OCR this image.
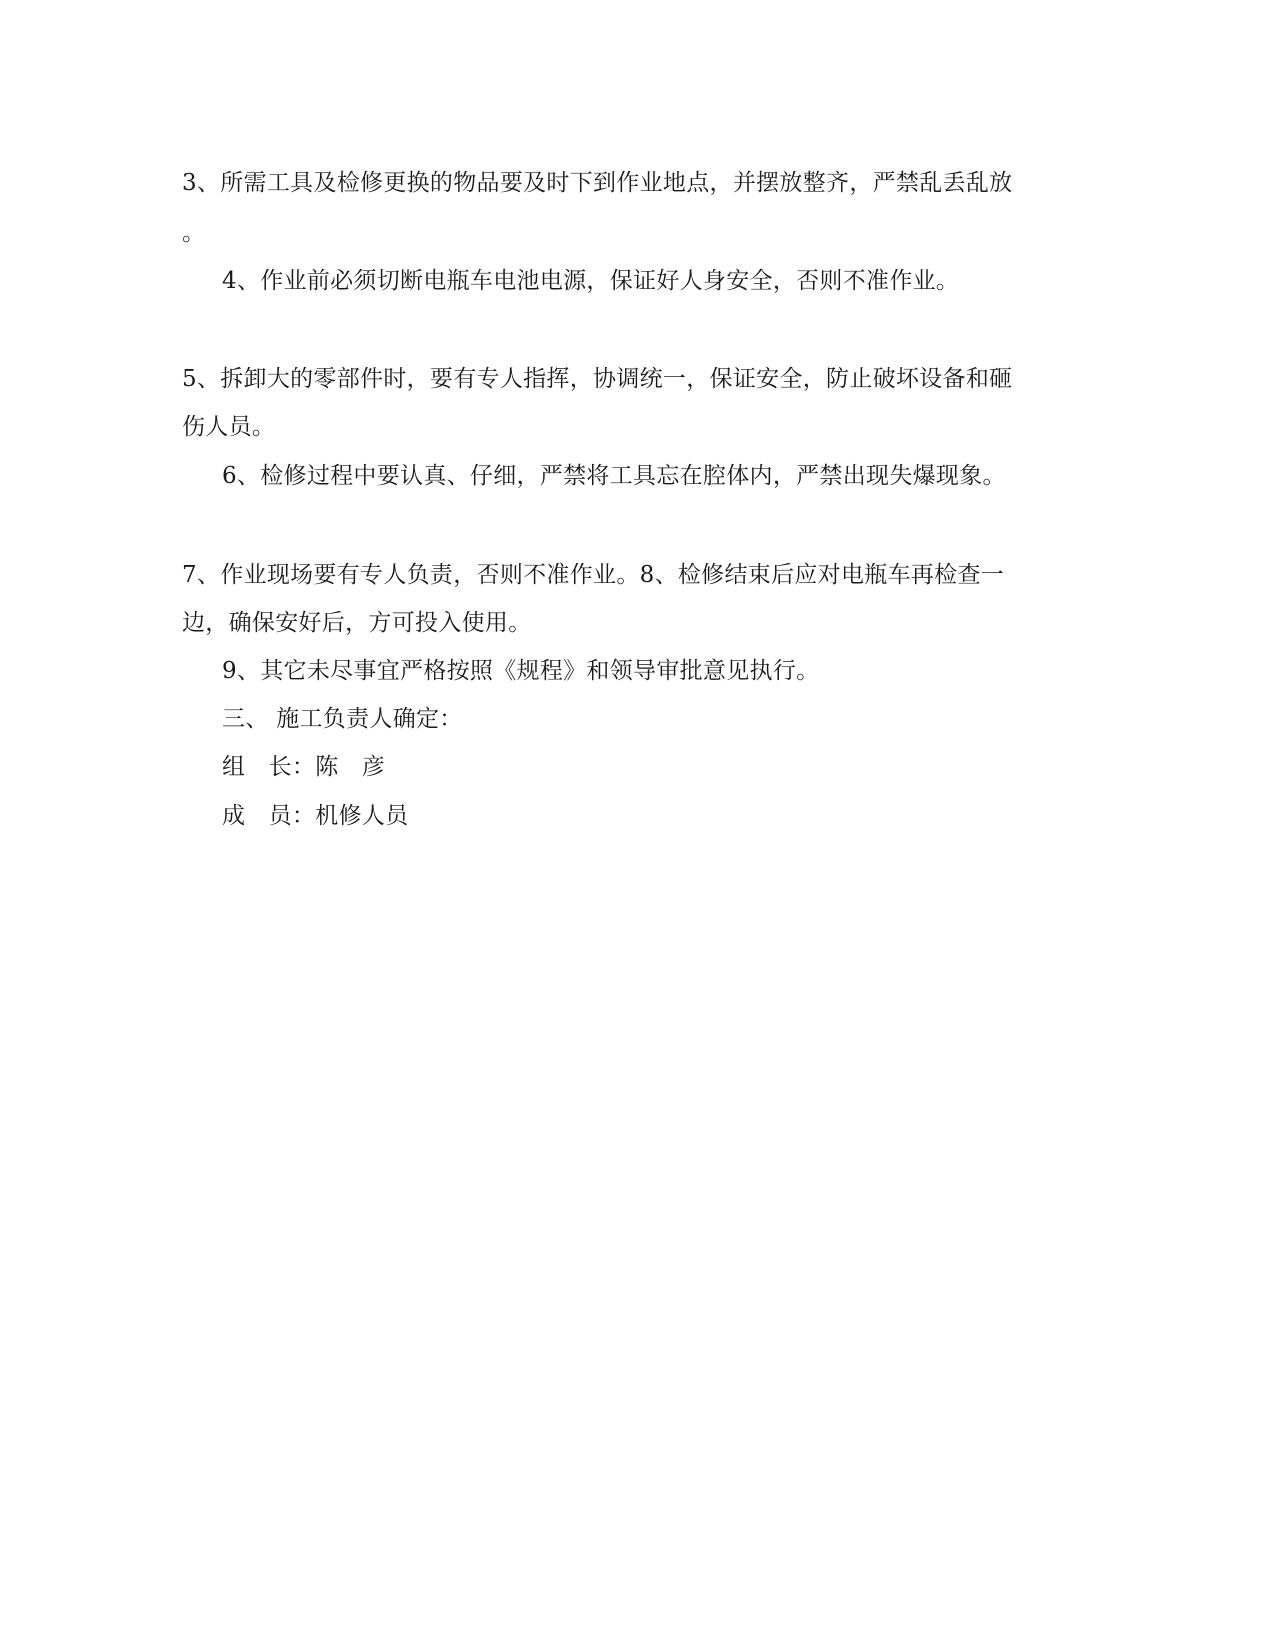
3、所需工具及检修更换的物品要及时下到作业地点，并摆放整齐，严禁乱丢乱放
。
4、作业前必须切断电瓶车电池电源，保证好人身安全，否则不准作业。
5、拆卸大的零部件时，要有专人指挥，协调统一，保证安全，防止破坏设备和砸
伤人员。
6、检修过程中要认真、仔细，严禁将工具忘在腔体内，严禁出现失爆现象。
7、作业现场要有专人负责，否则不准作业。8、检修结束后应对电瓶车再检查一
边，确保安好后，方可投入使用。
9、其它未尽事宜严格按照《规程》和领导审批意见执行。
三、 施工负责人确定：
组　长：陈　彦
成　员：机修人员
